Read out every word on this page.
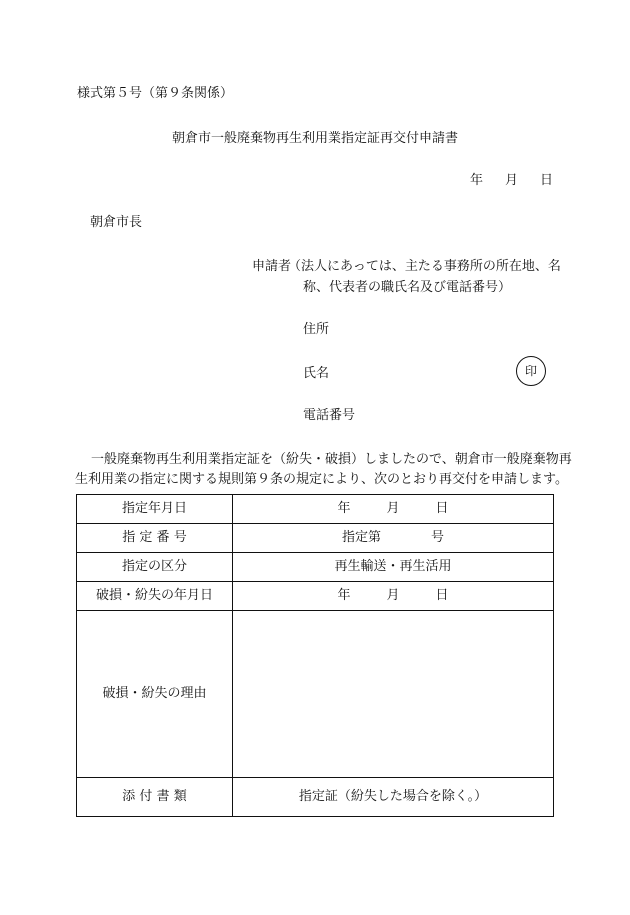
様式第５号（第９条関係）
朝倉市一般廃棄物再生利用業指定証再交付申請書
年 月 日
朝倉市長
申請者
（法人にあっては、主たる事務所の所在地、名
称、代表者の職氏名及び電話番号）
住所
氏名	印
電話番号
一般廃棄物再生利用業指定証を（紛失・破損）しましたので、朝倉市一般廃棄物再
生利用業の指定に関する規則第９条の規定により、次のとおり再交付を申請します。
指定年月日	年 月 日
指 定 番 号	指定第 号
指定の区分	再生輸送・再生活用
破損・紛失の年月日	年 月 日
破損・紛失の理由	
添 付 書 類	指定証（紛失した場合を除く。）
